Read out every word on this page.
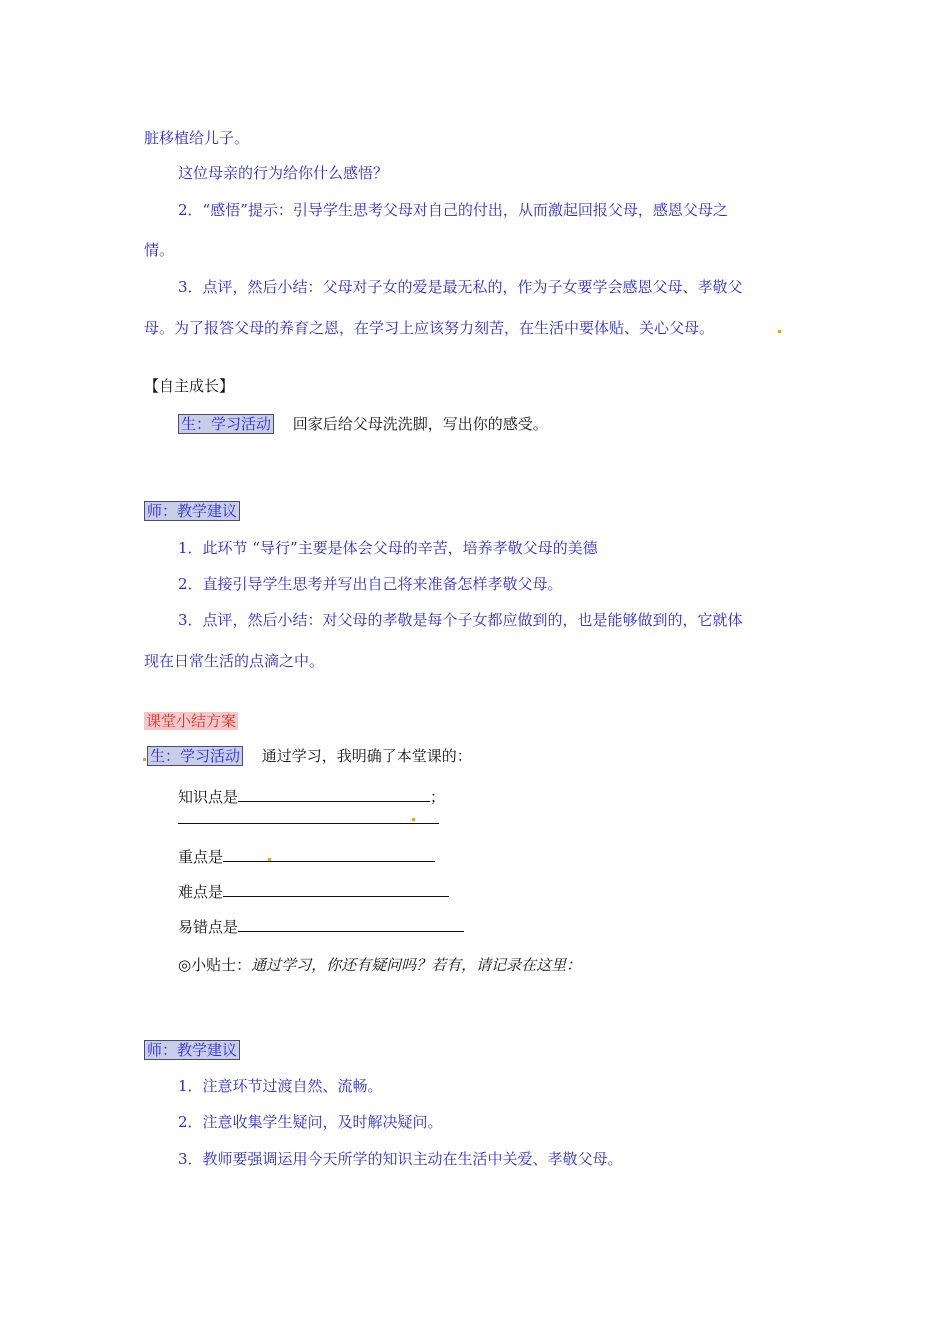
脏移植给儿子。
这位母亲的行为给你什么感悟？
2．“感悟”提示：引导学生思考父母对自己的付出，从而激起回报父母，感恩父母之
情。
3．点评，然后小结：父母对子女的爱是最无私的，作为子女要学会感恩父母、孝敬父
母。为了报答父母的养育之恩，在学习上应该努力刻苦，在生活中要体贴、关心父母。
【自主成长】
生：学习活动 回家后给父母洗洗脚，写出你的感受。
师：教学建议
1．此环节 “导行”主要是体会父母的辛苦，培养孝敬父母的美德
2．直接引导学生思考并写出自己将来准备怎样孝敬父母。
3．点评，然后小结：对父母的孝敬是每个子女都应做到的，也是能够做到的，它就体
现在日常生活的点滴之中。
课堂小结方案
生：学习活动 通过学习，我明确了本堂课的：
知识点是	；
重点是
难点是
易错点是
◎小贴士：通过学习，你还有疑问吗？若有，请记录在这里：
师：教学建议
1．注意环节过渡自然、流畅。
2．注意收集学生疑问，及时解决疑问。
3．教师要强调运用今天所学的知识主动在生活中关爱、孝敬父母。
